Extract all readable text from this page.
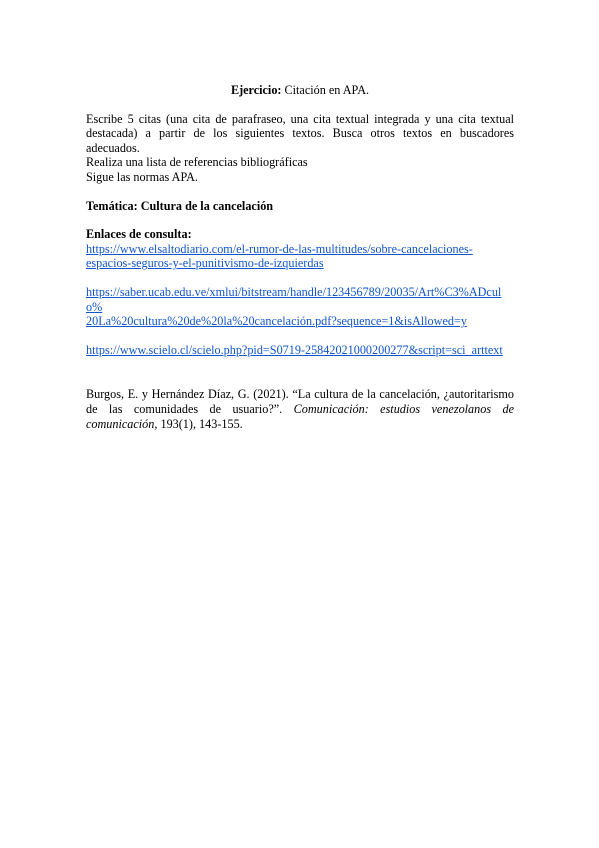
Ejercicio: Citación en APA.

Escribe 5 citas (una cita de parafraseo, una cita textual integrada y una cita textual destacada) a partir de los siguientes textos. Busca otros textos en buscadores adecuados.

Realiza una lista de referencias bibliográficas
Sigue las normas APA.
Temática: Cultura de la cancelación
Enlaces de consulta:
https://www.elsaltodiario.com/el-rumor-de-las-multitudes/sobre-cancelaciones-
espacios-seguros-y-el-punitivismo-de-izquierdas
https://saber.ucab.edu.ve/xmlui/bitstream/handle/123456789/20035/Art%C3%ADculo%
20La%20cultura%20de%20la%20cancelación.pdf?sequence=1&isAllowed=y
https://www.scielo.cl/scielo.php?pid=S0719-25842021000200277&script=sci_arttext

Burgos, E. y Hernández Díaz, G. (2021). “La cultura de la cancelación, ¿autoritarismo de las comunidades de usuario?”. Comunicación: estudios venezolanos de comunicación, 193(1), 143-155.
